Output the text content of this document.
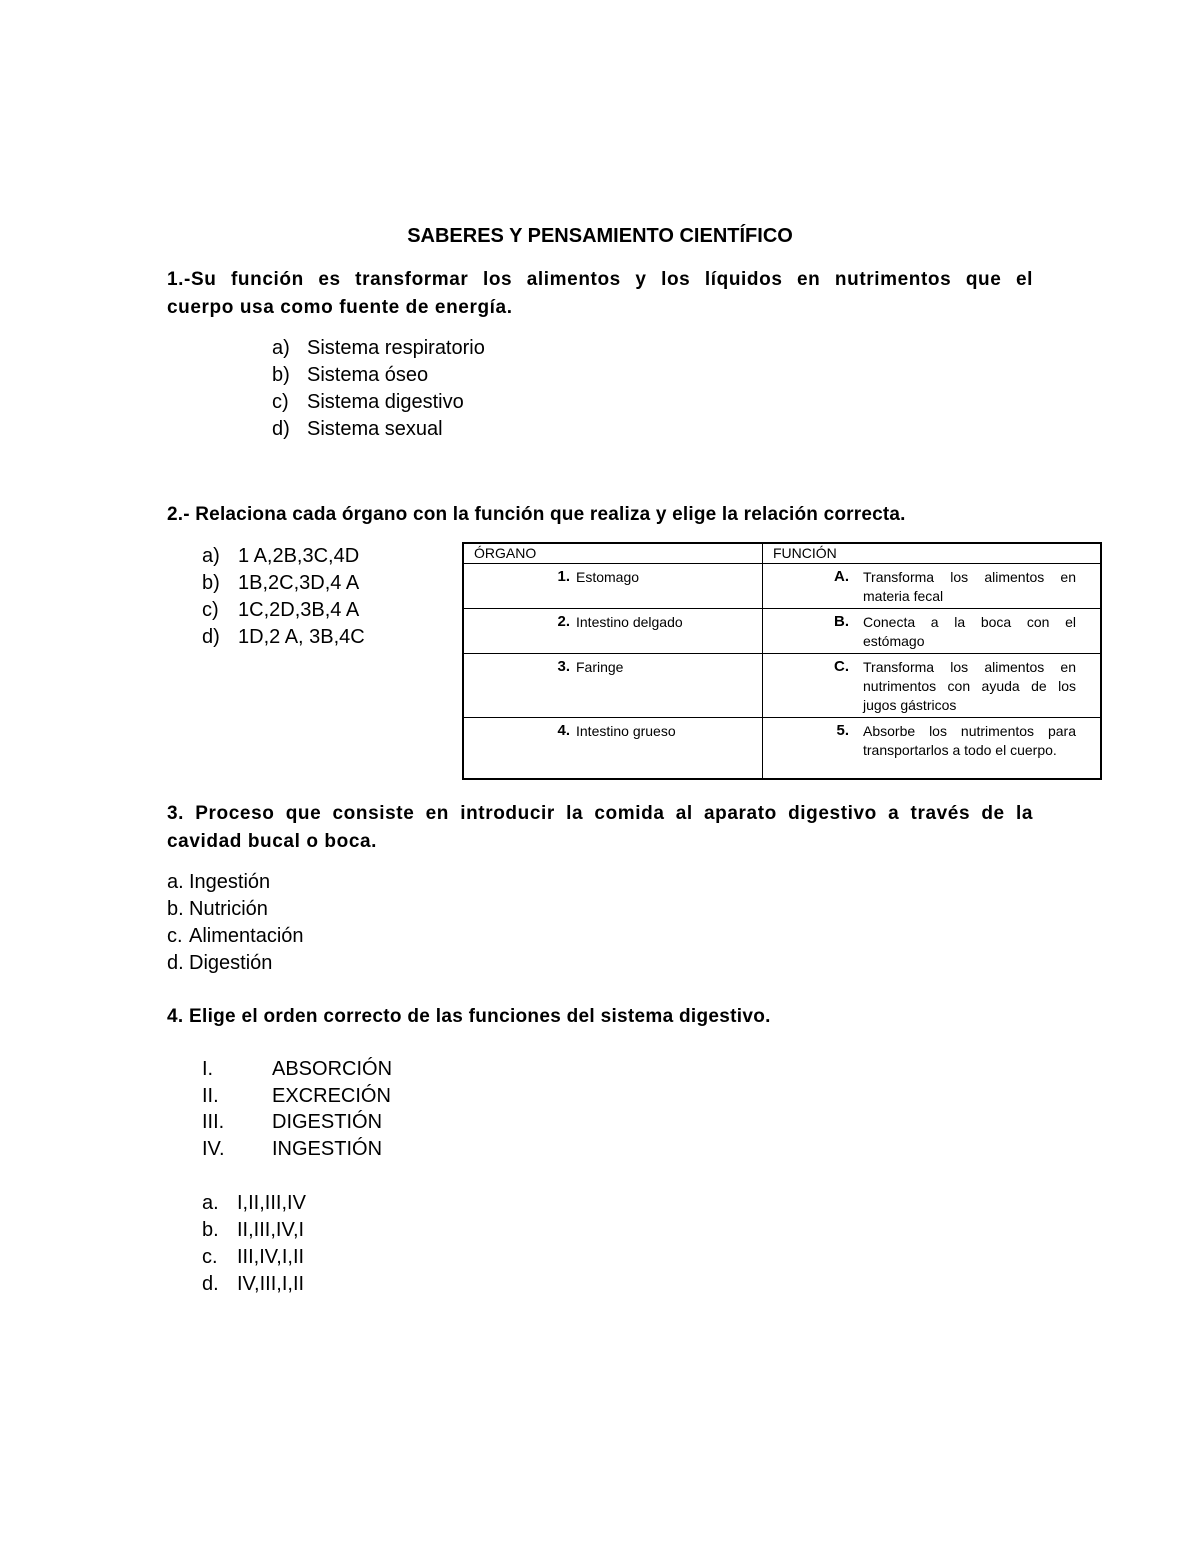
SABERES Y PENSAMIENTO CIENTÍFICO
1.-Su función es transformar los alimentos y los líquidos en nutrimentos que el
cuerpo usa como fuente de energía.
a) Sistema respiratorio
b) Sistema óseo
c) Sistema digestivo
d) Sistema sexual
2.- Relaciona cada órgano con la función que realiza y elige la relación correcta.
a) 1 A,2B,3C,4D
b) 1B,2C,3D,4 A
c) 1C,2D,3B,4 A
d) 1D,2 A, 3B,4C
ÓRGANO	FUNCIÓN

1. Estomago	A. Transforma los alimentos en materia fecal

2. Intestino delgado	B. Conecta a la boca con el estómago

3. Faringe	C. Transforma los alimentos en nutrimentos con ayuda de los jugos gástricos

4. Intestino grueso	5. Absorbe los nutrimentos para transportarlos a todo el cuerpo.
3. Proceso que consiste en introducir la comida al aparato digestivo a través de la
cavidad bucal o boca.
a. Ingestión
b. Nutrición
c. Alimentación
d. Digestión
4. Elige el orden correcto de las funciones del sistema digestivo.
I.	ABSORCIÓN
II.	EXCRECIÓN
III. DIGESTIÓN
IV. INGESTIÓN
a. I,II,III,IV
b. II,III,IV,I
c. III,IV,I,II
d. IV,III,I,II
